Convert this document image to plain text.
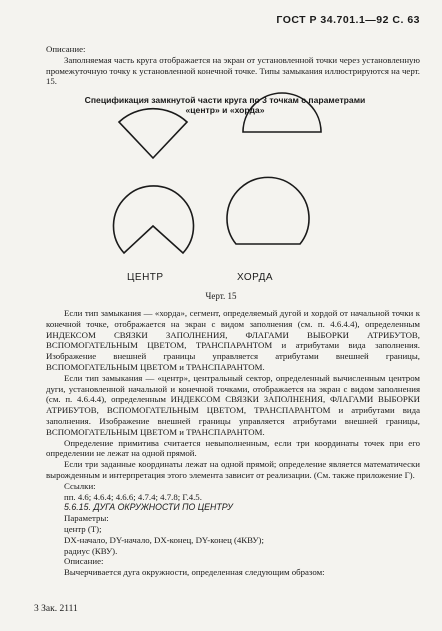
ГОСТ Р 34.701.1—92 С. 63

Описание:

Заполняемая часть круга отображается на экран от установленной точки через установленную промежуточную точку к установленной конечной точке. Типы замыкания иллюстрируются на черт. 15.

Спецификация замкнутой части круга по 3 точкам с параметрами «центр» и «хорда»
ЦЕНТР	ХОРДА
Черт. 15

Если тип замыкания — «хорда», сегмент, определяемый дугой и хордой от начальной точки к конечной точке, отображается на экран с видом заполнения (см. п. 4.6.4.4), определенным ИНДЕКСОМ СВЯЗКИ ЗАПОЛНЕНИЯ, ФЛАГАМИ ВЫБОРКИ АТРИБУТОВ, ВСПОМОГАТЕЛЬНЫМ ЦВЕТОМ, ТРАНСПАРАНТОМ и атрибутами вида заполнения. Изображение внешней границы управляется атрибутами внешней границы, ВСПОМОГАТЕЛЬНЫМ ЦВЕТОМ и ТРАНСПАРАНТОМ.

Если тип замыкания — «центр», центральный сектор, определенный вычисленным центром дуги, установленной начальной и конечной точками, отображается на экран с видом заполнения (см. п. 4.6.4.4), определенным ИНДЕКСОМ СВЯЗКИ ЗАПОЛНЕНИЯ, ФЛАГАМИ ВЫБОРКИ АТРИБУТОВ, ВСПОМОГАТЕЛЬНЫМ ЦВЕТОМ, ТРАНСПАРАНТОМ и атрибутами вида заполнения. Изображение внешней границы управляется атрибутами внешней границы, ВСПОМОГАТЕЛЬНЫМ ЦВЕТОМ и ТРАНСПАРАНТОМ.

Определение примитива считается невыполненным, если три координаты точек при его определении не лежат на одной прямой.

Если три заданные координаты лежат на одной прямой; определение является математически вырожденным и интерпретация этого элемента зависит от реализации. (См. также приложение Г).

Ссылки:

пп. 4.6; 4.6.4; 4.6.6; 4.7.4; 4.7.8; Г.4.5.

5.6.15. ДУГА ОКРУЖНОСТИ ПО ЦЕНТРУ

Параметры:

центр (Т);

DX-начало, DY-начало, DX-конец, DY-конец (4КВУ);

радиус (КВУ).

Описание:

Вычерчивается дуга окружности, определенная следующим образом:

3 Зак. 2111
